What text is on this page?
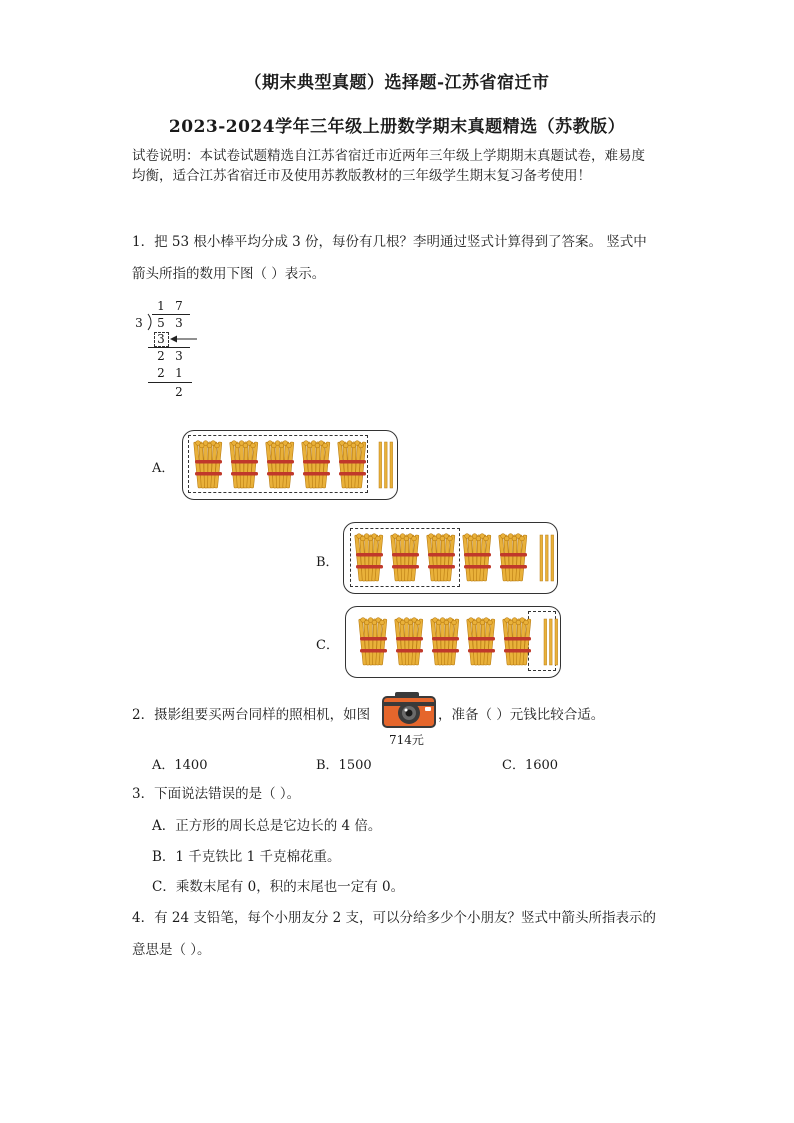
（期末典型真题）选择题-江苏省宿迁市
2023-2024学年三年级上册数学期末真题精选（苏教版）
试卷说明：本试卷试题精选自江苏省宿迁市近两年三年级上学期期末真题试卷，难易度
均衡，适合江苏省宿迁市及使用苏教版教材的三年级学生期末复习备考使用！
1．把 53 根小棒平均分成 3 份，每份有几根？李明通过竖式计算得到了答案。 竖式中
箭头所指的数用下图（ ）表示。
1 7
3 5 3
3
2 3
2 1
2
A．
B．
C．
2．摄影组要买两台同样的照相机，如图
714元
，准备（ ）元钱比较合适。
A．1400	B．1500	C．1600
3．下面说法错误的是（ ）。
A．正方形的周长总是它边长的 4 倍。
B．1 千克铁比 1 千克棉花重。
C．乘数末尾有 0，积的末尾也一定有 0。
4．有 24 支铅笔，每个小朋友分 2 支，可以分给多少个小朋友？竖式中箭头所指表示的
意思是（ ）。
